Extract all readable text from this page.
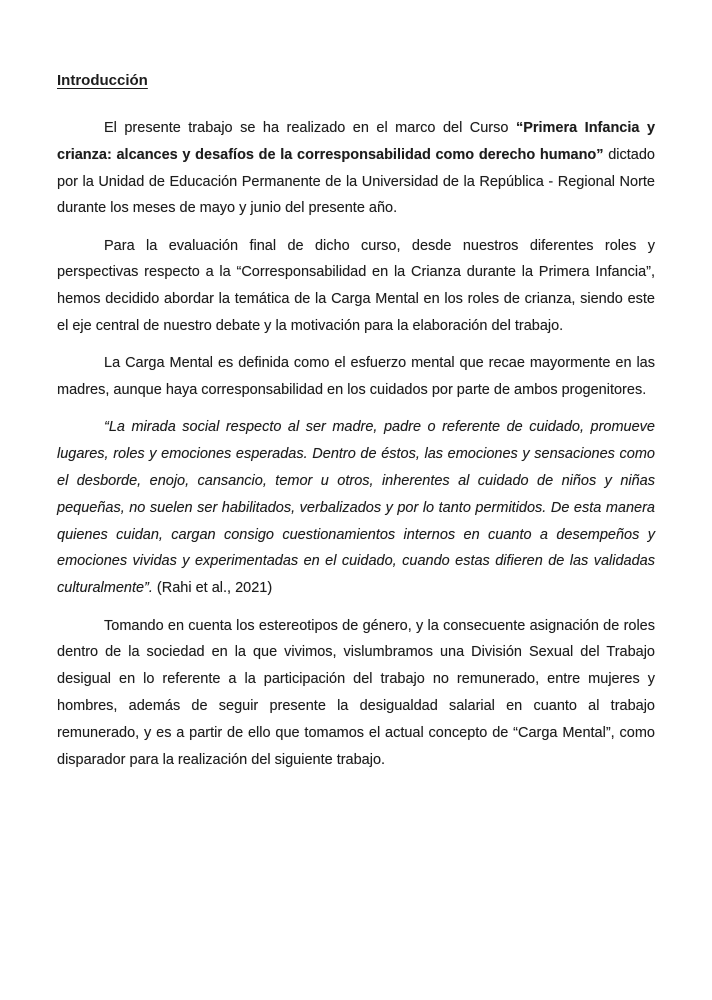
Introducción

El presente trabajo se ha realizado en el marco del Curso “Primera Infancia y crianza: alcances y desafíos de la corresponsabilidad como derecho humano” dictado por la Unidad de Educación Permanente de la Universidad de la República - Regional Norte durante los meses de mayo y junio del presente año.

Para la evaluación final de dicho curso, desde nuestros diferentes roles y perspectivas respecto a la “Corresponsabilidad en la Crianza durante la Primera Infancia”, hemos decidido abordar la temática de la Carga Mental en los roles de crianza, siendo este el eje central de nuestro debate y la motivación para la elaboración del trabajo.

La Carga Mental es definida como el esfuerzo mental que recae mayormente en las madres, aunque haya corresponsabilidad en los cuidados por parte de ambos progenitores.

“La mirada social respecto al ser madre, padre o referente de cuidado, promueve lugares, roles y emociones esperadas. Dentro de éstos, las emociones y sensaciones como el desborde, enojo, cansancio, temor u otros, inherentes al cuidado de niños y niñas pequeñas, no suelen ser habilitados, verbalizados y por lo tanto permitidos. De esta manera quienes cuidan, cargan consigo cuestionamientos internos en cuanto a desempeños y emociones vividas y experimentadas en el cuidado, cuando estas difieren de las validadas culturalmente”. (Rahi et al., 2021)

Tomando en cuenta los estereotipos de género, y la consecuente asignación de roles dentro de la sociedad en la que vivimos, vislumbramos una División Sexual del Trabajo desigual en lo referente a la participación del trabajo no remunerado, entre mujeres y hombres, además de seguir presente la desigualdad salarial en cuanto al trabajo remunerado, y es a partir de ello que tomamos el actual concepto de “Carga Mental”, como disparador para la realización del siguiente trabajo.
